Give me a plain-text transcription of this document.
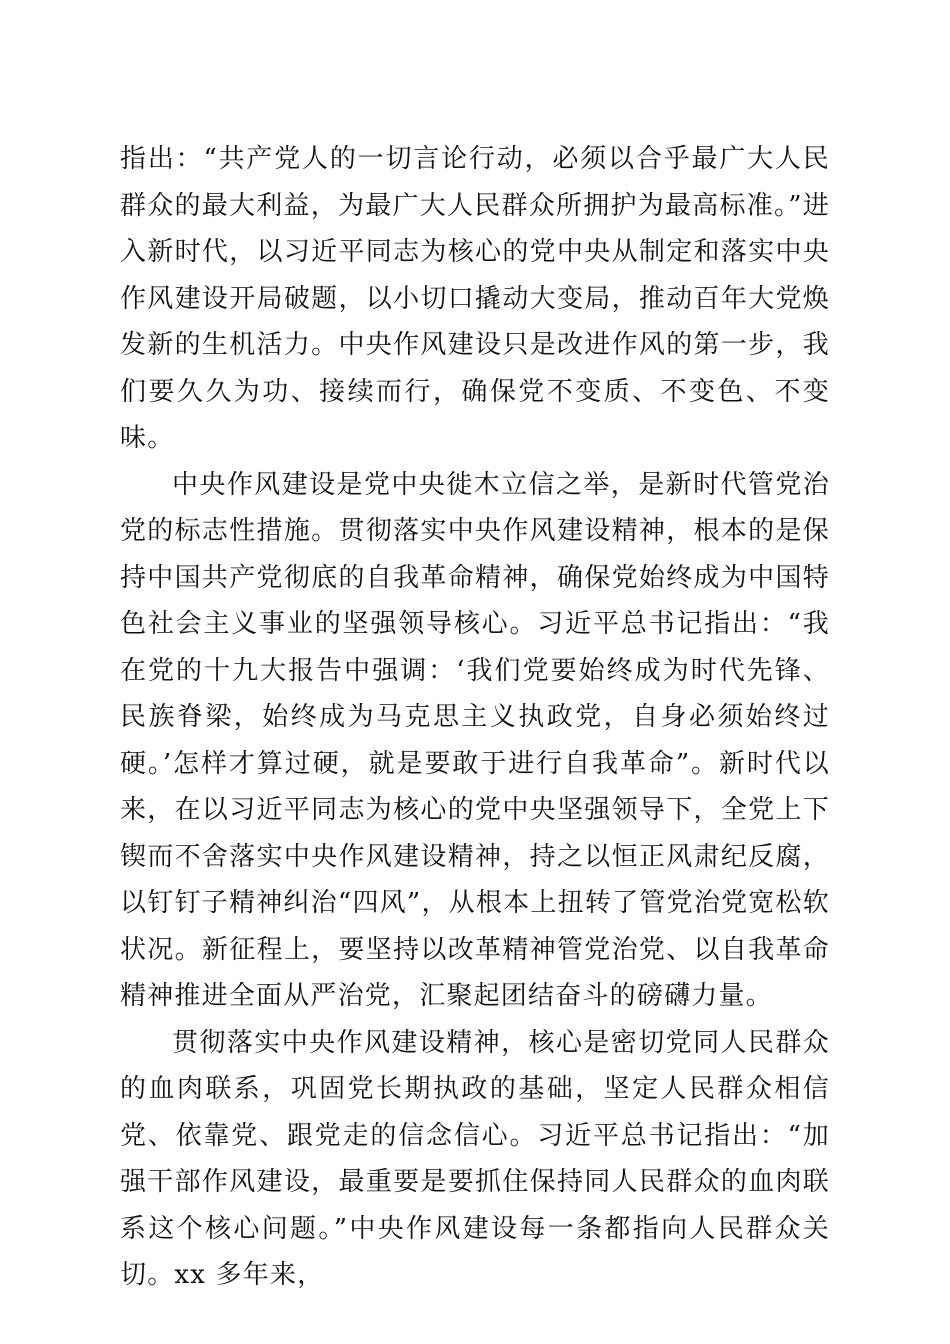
指出：“共产党人的一切言论行动，必须以合乎最广大人民群众的最大利益，为最广大人民群众所拥护为最高标准。”进入新时代，以习近平同志为核心的党中央从制定和落实中央作风建设开局破题，以小切口撬动大变局，推动百年大党焕发新的生机活力。中央作风建设只是改进作风的第一步，我们要久久为功、接续而行，确保党不变质、不变色、不变味。

中央作风建设是党中央徙木立信之举，是新时代管党治党的标志性措施。贯彻落实中央作风建设精神，根本的是保持中国共产党彻底的自我革命精神，确保党始终成为中国特色社会主义事业的坚强领导核心。习近平总书记指出：“我在党的十九大报告中强调：‘我们党要始终成为时代先锋、民族脊梁，始终成为马克思主义执政党，自身必须始终过硬。’怎样才算过硬，就是要敢于进行自我革命”。新时代以来，在以习近平同志为核心的党中央坚强领导下，全党上下锲而不舍落实中央作风建设精神，持之以恒正风肃纪反腐，以钉钉子精神纠治“四风”，从根本上扭转了管党治党宽松软状况。新征程上，要坚持以改革精神管党治党、以自我革命精神推进全面从严治党，汇聚起团结奋斗的磅礴力量。

贯彻落实中央作风建设精神，核心是密切党同人民群众的血肉联系，巩固党长期执政的基础，坚定人民群众相信党、依靠党、跟党走的信念信心。习近平总书记指出：“加强干部作风建设，最重要是要抓住保持同人民群众的血肉联系这个核心问题。”中央作风建设每一条都指向人民群众关切。xx 多年来，
